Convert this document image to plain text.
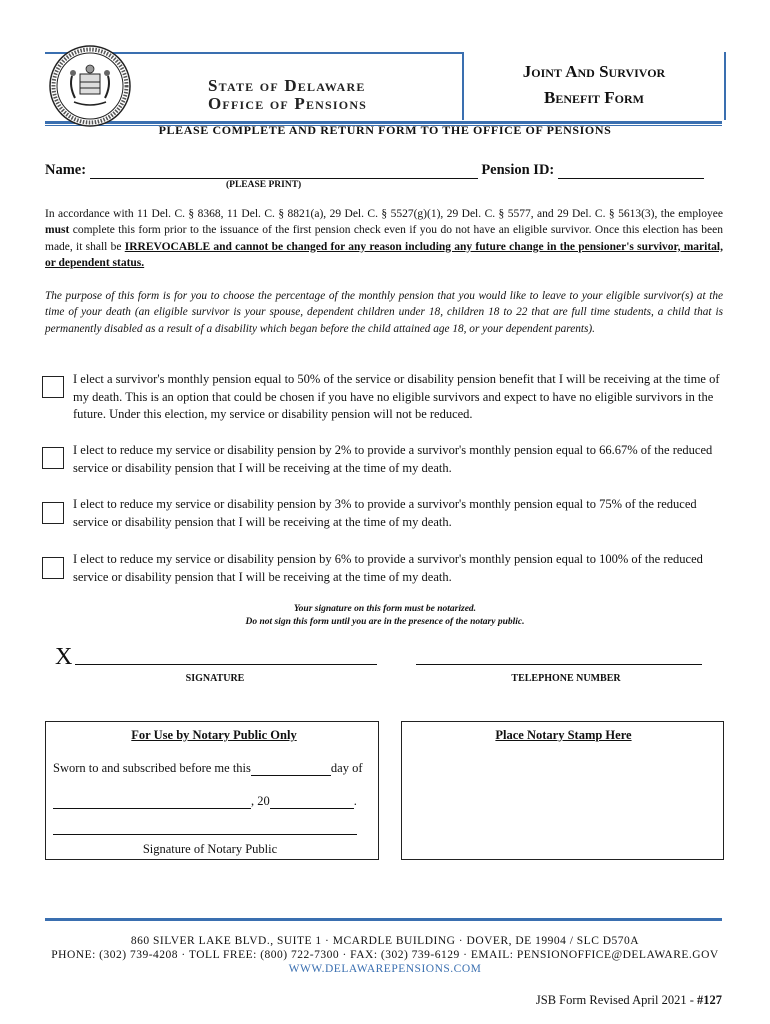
State of Delaware
Office of Pensions
Joint And Survivor
Benefit Form
PLEASE COMPLETE AND RETURN FORM TO THE OFFICE OF PENSIONS
Name:	Pension ID:
(PLEASE PRINT)
In accordance with 11 Del. C. § 8368, 11 Del. C. § 8821(a), 29 Del. C. § 5527(g)(1), 29 Del. C. § 5577, and 29 Del. C. § 5613(3), the employee must complete this form prior to the issuance of the first pension check even if you do not have an eligible survivor. Once this election has been made, it shall be IRREVOCABLE and cannot be changed for any reason including any future change in the pensioner's survivor, marital, or dependent status.
The purpose of this form is for you to choose the percentage of the monthly pension that you would like to leave to your eligible survivor(s) at the time of your death (an eligible survivor is your spouse, dependent children under 18, children 18 to 22 that are full time students, a child that is permanently disabled as a result of a disability which began before the child attained age 18, or your dependent parents).
I elect a survivor's monthly pension equal to 50% of the service or disability pension benefit that I will be receiving at the time of my death. This is an option that could be chosen if you have no eligible survivors and expect to have no eligible survivors in the future. Under this election, my service or disability pension will not be reduced.
I elect to reduce my service or disability pension by 2% to provide a survivor's monthly pension equal to 66.67% of the reduced service or disability pension that I will be receiving at the time of my death.
I elect to reduce my service or disability pension by 3% to provide a survivor's monthly pension equal to 75% of the reduced service or disability pension that I will be receiving at the time of my death.
I elect to reduce my service or disability pension by 6% to provide a survivor's monthly pension equal to 100% of the reduced service or disability pension that I will be receiving at the time of my death.
Your signature on this form must be notarized.
Do not sign this form until you are in the presence of the notary public.
X
SIGNATURE	TELEPHONE NUMBER
For Use by Notary Public Only	Place Notary Stamp Here
Sworn to and subscribed before me this	day of
, 20	.
Signature of Notary Public
860 SILVER LAKE BLVD., SUITE 1 · MCARDLE BUILDING · DOVER, DE 19904 / SLC D570A
PHONE: (302) 739-4208 · TOLL FREE: (800) 722-7300 · FAX: (302) 739-6129 · EMAIL: PENSIONOFFICE@DELAWARE.GOV
WWW.DELAWAREPENSIONS.COM
JSB Form Revised April 2021 - #127
